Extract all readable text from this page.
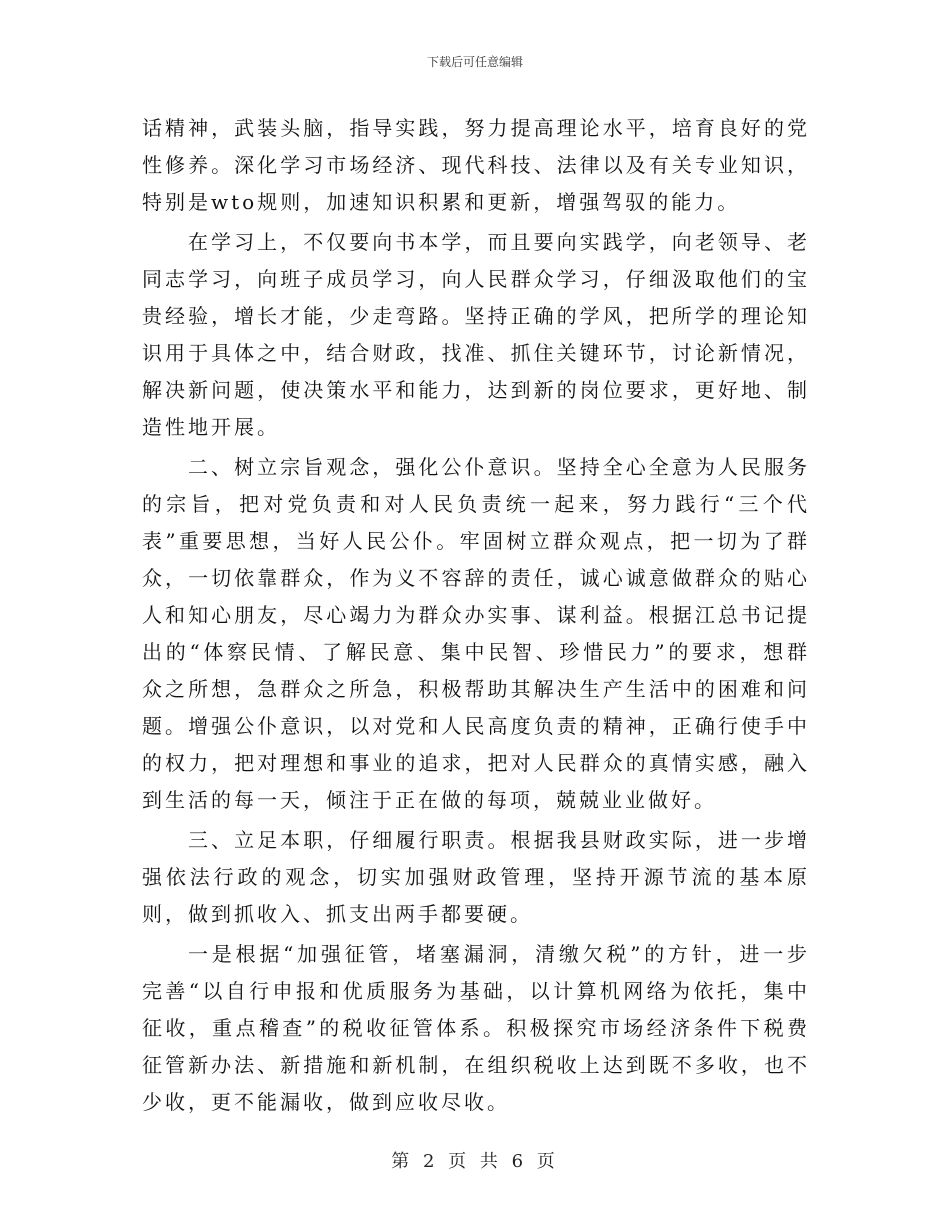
下载后可任意编辑

话精神，武装头脑，指导实践，努力提高理论水平，培育良好的党性修养。深化学习市场经济、现代科技、法律以及有关专业知识，特别是wto规则，加速知识积累和更新，增强驾驭的能力。

在学习上，不仅要向书本学，而且要向实践学，向老领导、老同志学习，向班子成员学习，向人民群众学习，仔细汲取他们的宝贵经验，增长才能，少走弯路。坚持正确的学风，把所学的理论知识用于具体之中，结合财政，找准、抓住关键环节，讨论新情况，解决新问题，使决策水平和能力，达到新的岗位要求，更好地、制造性地开展。

二、树立宗旨观念，强化公仆意识。坚持全心全意为人民服务的宗旨，把对党负责和对人民负责统一起来，努力践行“三个代表”重要思想，当好人民公仆。牢固树立群众观点，把一切为了群众，一切依靠群众，作为义不容辞的责任，诚心诚意做群众的贴心人和知心朋友，尽心竭力为群众办实事、谋利益。根据江总书记提出的“体察民情、了解民意、集中民智、珍惜民力”的要求，想群众之所想，急群众之所急，积极帮助其解决生产生活中的困难和问题。增强公仆意识，以对党和人民高度负责的精神，正确行使手中的权力，把对理想和事业的追求，把对人民群众的真情实感，融入到生活的每一天，倾注于正在做的每项，兢兢业业做好。

三、立足本职，仔细履行职责。根据我县财政实际，进一步增强依法行政的观念，切实加强财政管理，坚持开源节流的基本原则，做到抓收入、抓支出两手都要硬。

一是根据“加强征管，堵塞漏洞，清缴欠税”的方针，进一步完善“以自行申报和优质服务为基础，以计算机网络为依托，集中征收，重点稽查”的税收征管体系。积极探究市场经济条件下税费征管新办法、新措施和新机制，在组织税收上达到既不多收，也不少收，更不能漏收，做到应收尽收。

第 2 页 共 6 页
